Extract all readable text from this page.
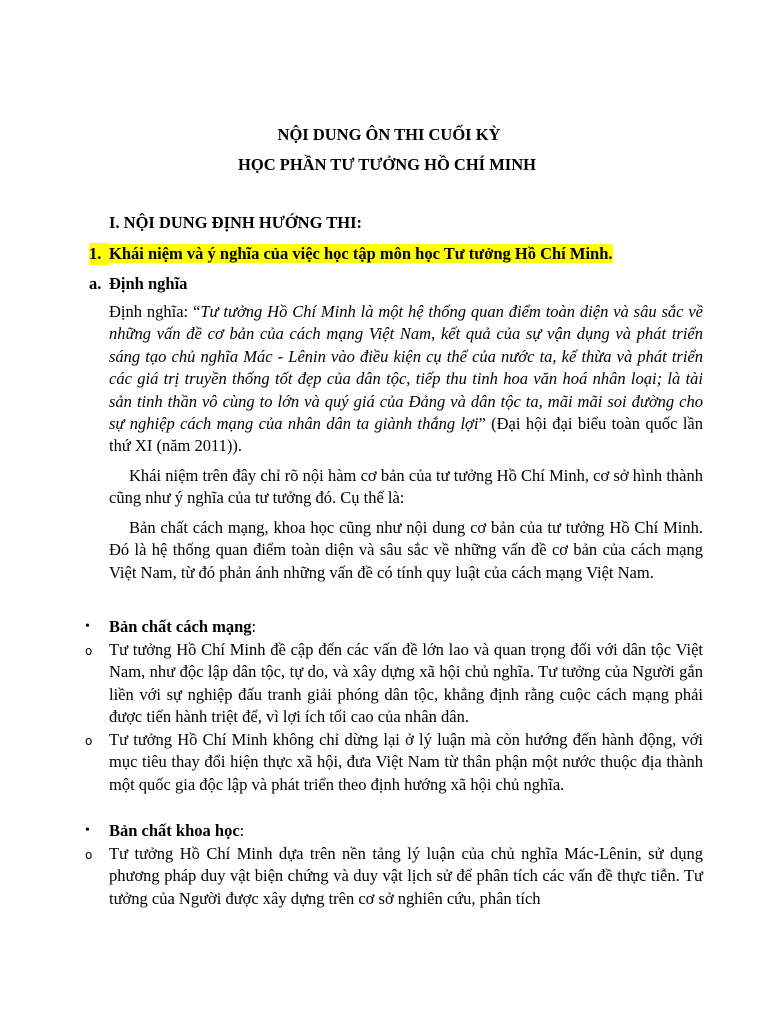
NỘI DUNG ÔN THI CUỐI KỲ
HỌC PHẦN TƯ TƯỞNG HỒ CHÍ MINH
I. NỘI DUNG ĐỊNH HƯỚNG THI:
1. Khái niệm và ý nghĩa của việc học tập môn học Tư tưởng Hồ Chí Minh.
a. Định nghĩa

Định nghĩa: “Tư tưởng Hồ Chí Minh là một hệ thống quan điểm toàn diện và sâu sắc về những vấn đề cơ bản của cách mạng Việt Nam, kết quả của sự vận dụng và phát triển sáng tạo chủ nghĩa Mác - Lênin vào điều kiện cụ thể của nước ta, kế thừa và phát triển các giá trị truyền thống tốt đẹp của dân tộc, tiếp thu tinh hoa văn hoá nhân loại; là tài sản tinh thần vô cùng to lớn và quý giá của Đảng và dân tộc ta, mãi mãi soi đường cho sự nghiệp cách mạng của nhân dân ta giành thắng lợi” (Đại hội đại biểu toàn quốc lần thứ XI (năm 2011)).

Khái niệm trên đây chỉ rõ nội hàm cơ bản của tư tưởng Hồ Chí Minh, cơ sở hình thành cũng như ý nghĩa của tư tưởng đó. Cụ thể là:

Bản chất cách mạng, khoa học cũng như nội dung cơ bản của tư tưởng Hồ Chí Minh. Đó là hệ thống quan điểm toàn diện và sâu sắc về những vấn đề cơ bản của cách mạng Việt Nam, từ đó phản ánh những vấn đề có tính quy luật của cách mạng Việt Nam.

•	Bản chất cách mạng:
o	Tư tưởng Hồ Chí Minh đề cập đến các vấn đề lớn lao và quan trọng đối với dân tộc Việt Nam, như độc lập dân tộc, tự do, và xây dựng xã hội chủ nghĩa. Tư tưởng của Người gắn liền với sự nghiệp đấu tranh giải phóng dân tộc, khẳng định rằng cuộc cách mạng phải được tiến hành triệt để, vì lợi ích tối cao của nhân dân.
o	Tư tưởng Hồ Chí Minh không chỉ dừng lại ở lý luận mà còn hướng đến hành động, với mục tiêu thay đổi hiện thực xã hội, đưa Việt Nam từ thân phận một nước thuộc địa thành một quốc gia độc lập và phát triển theo định hướng xã hội chủ nghĩa.
•	Bản chất khoa học:
o	Tư tưởng Hồ Chí Minh dựa trên nền tảng lý luận của chủ nghĩa Mác-Lênin, sử dụng phương pháp duy vật biện chứng và duy vật lịch sử để phân tích các vấn đề thực tiễn. Tư tưởng của Người được xây dựng trên cơ sở nghiên cứu, phân tích
